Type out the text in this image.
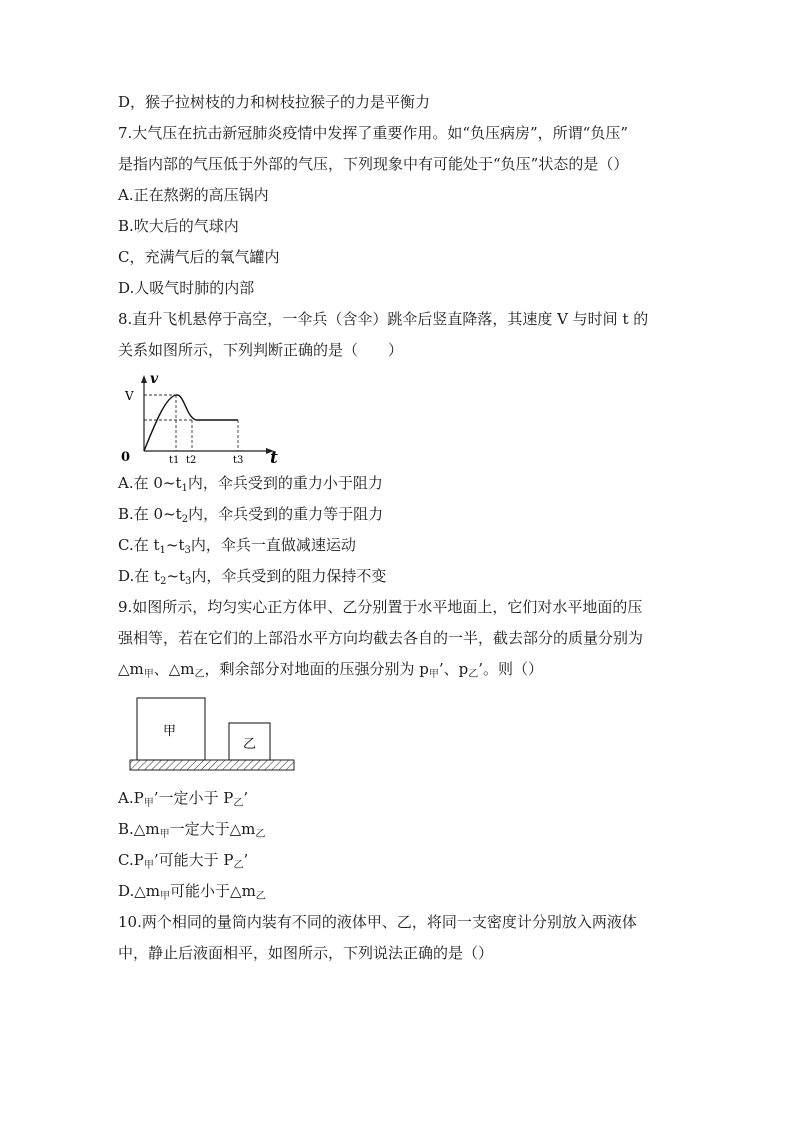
D，猴子拉树枝的力和树枝拉猴子的力是平衡力
7.大气压在抗击新冠肺炎疫情中发挥了重要作用。如“负压病房”，所谓“负压”
是指内部的气压低于外部的气压，下列现象中有可能处于“负压”状态的是（）
A.正在熬粥的高压锅内
B.吹大后的气球内
C，充满气后的氧气罐内
D.人吸气时肺的内部
8.直升飞机悬停于高空，一伞兵（含伞）跳伞后竖直降落，其速度 V 与时间 t 的
关系如图所示，下列判断正确的是（　　）
v
V
0	t
t1 t2	t3
A.在 $0\sim t_1$内，伞兵受到的重力小于阻力
B.在 $0\sim t_2$内，伞兵受到的重力等于阻力
C.在 $t_1\sim t_3$内，伞兵一直做减速运动
D.在 $t_2\sim t_3$内，伞兵受到的阻力保持不变
9.如图所示，均匀实心正方体甲、乙分别置于水平地面上，它们对水平地面的压
强相等，若在它们的上部沿水平方向均截去各自的一半，截去部分的质量分别为
$\triangle m_甲$、$\triangle m_乙$，剩余部分对地面的压强分别为 $p_甲$’、$p_乙$’。则（）
甲
乙
$A.P_甲$’一定小于 $P_乙$’
$B.\triangle m_甲$一定大于$\triangle m_乙$
$C.P_甲$’可能大于 $P_乙$’
$D.\triangle m_甲$可能小于$\triangle m_乙$
10.两个相同的量筒内装有不同的液体甲、乙，将同一支密度计分别放入两液体
中，静止后液面相平，如图所示，下列说法正确的是（）
